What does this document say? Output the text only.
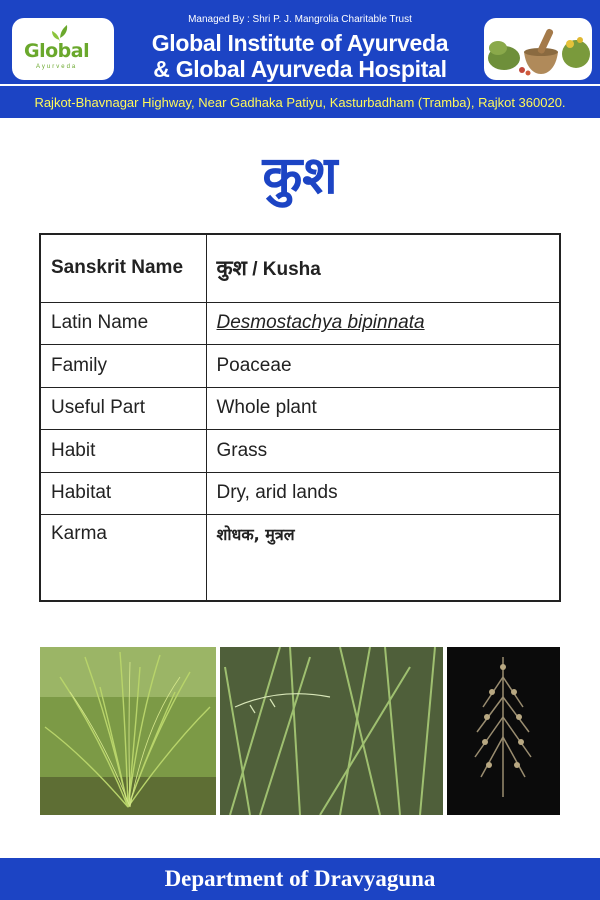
Global
Ayurveda
Managed By : Shri P. J. Mangrolia Charitable Trust
Global Institute of Ayurveda
& Global Ayurveda Hospital
Rajkot-Bhavnagar Highway, Near Gadhaka Patiyu, Kasturbadham (Tramba), Rajkot 360020.
कुश
Sanskrit Name	कुश / Kusha
Latin Name	Desmostachya bipinnata
Family	Poaceae
Useful Part	Whole plant
Habit	Grass
Habitat	Dry, arid lands
Karma	शोधक, मुत्रल
Department of Dravyaguna
